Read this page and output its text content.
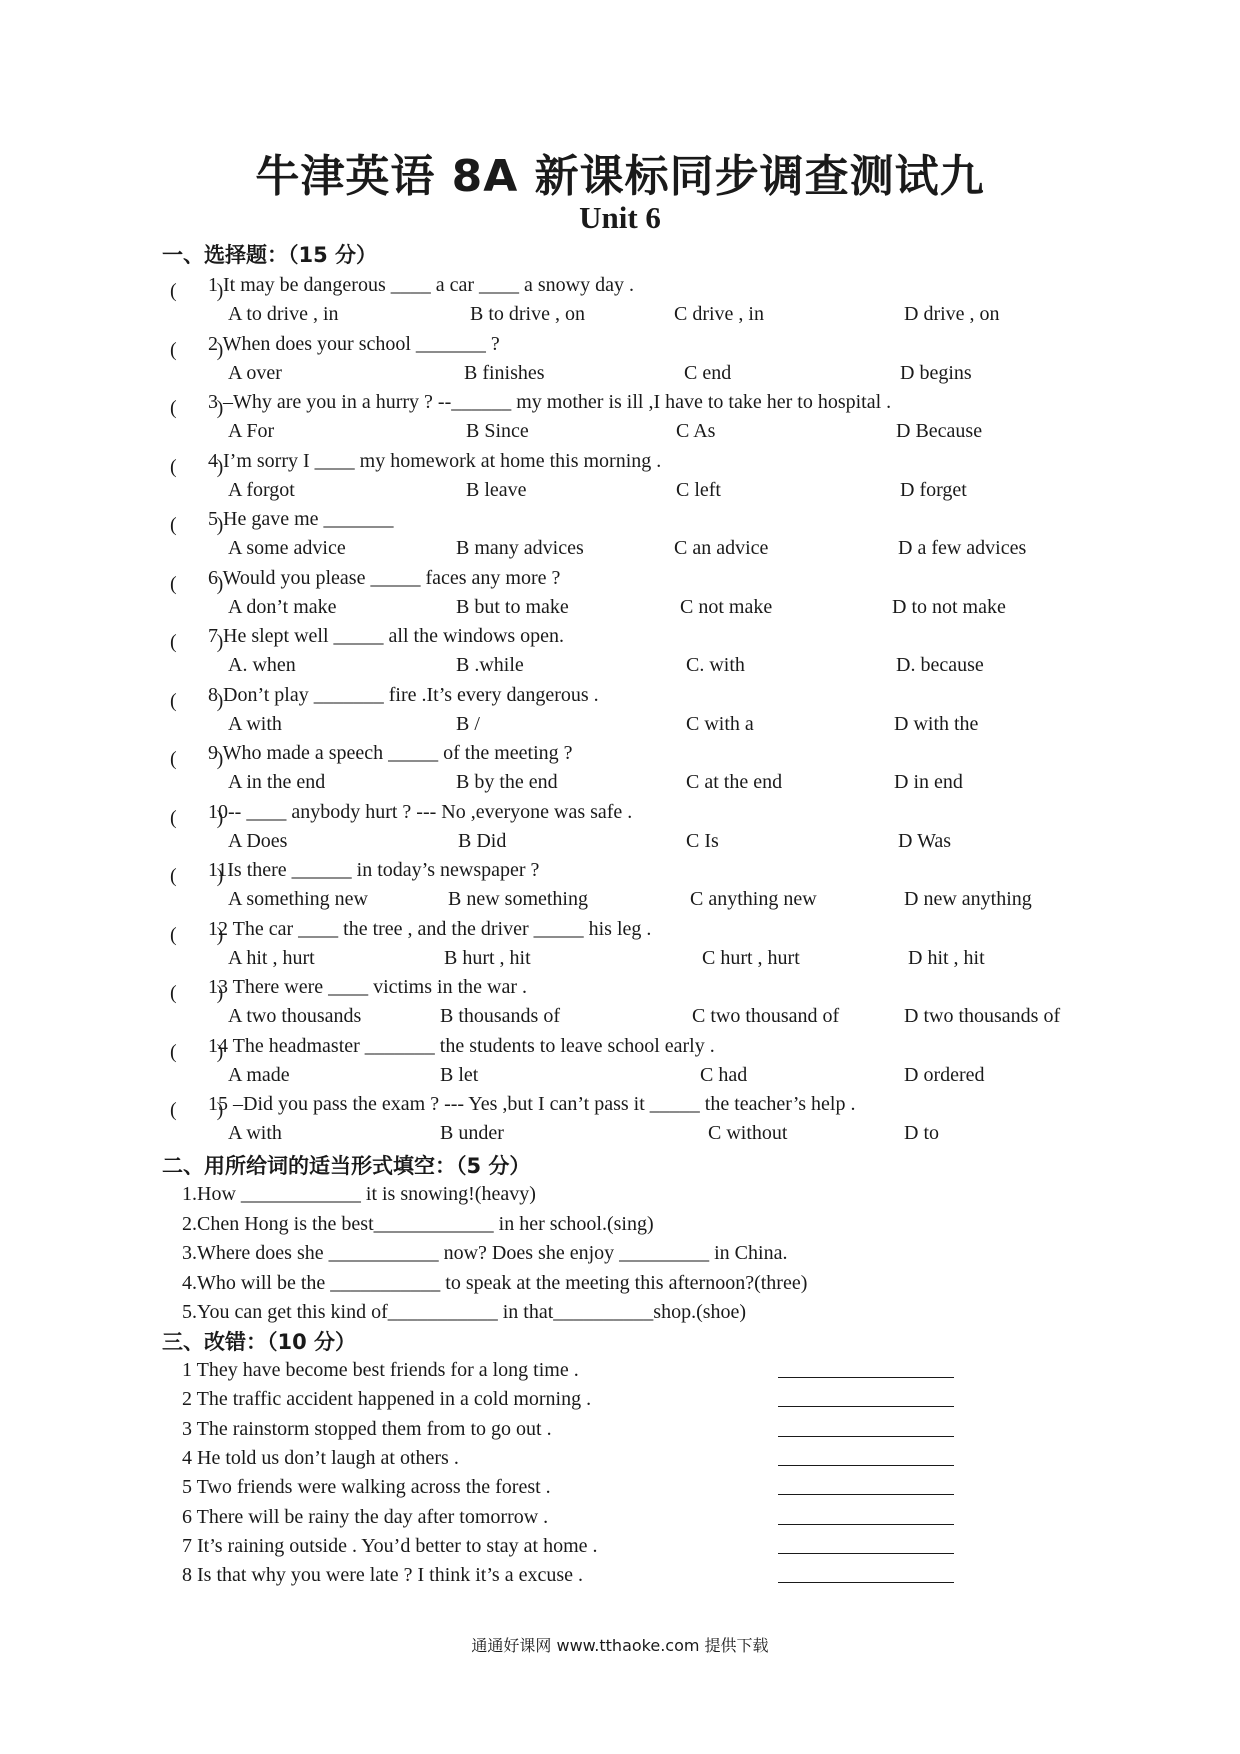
牛津英语 8A 新课标同步调查测试九
Unit 6
一、选择题：（15 分）
(　　)
1 It may be dangerous ____ a car ____ a snowy day .
A to drive , in	B to drive , on	C drive , in	D drive , on
(　　)
2 When does your school _______ ?
A over	B finishes	C end	D begins
(　　)
3 –Why are you in a hurry ? --______ my mother is ill ,I have to take her to hospital .
A For	B Since	C As	D Because
(　　)
4 I’m sorry I ____ my homework at home this morning .
A forgot	B leave	C left	D forget
(　　)
5 He gave me _______
A some advice	B many advices	C an advice	D a few advices
(　　)
6 Would you please _____ faces any more ?
A don’t make	B but to make	C not make	D to not make
(　　)
7 He slept well _____ all the windows open.
A. when	B .while	C. with	D. because
(　　)
8 Don’t play _______ fire .It’s every dangerous .
A with	B /	C with a	D with the
(　　)
9 Who made a speech _____ of the meeting ?
A in the end	B by the end	C at the end	D in end
(　　)
10-- ____ anybody hurt ? --- No ,everyone was safe .
A Does	B Did	C Is	D Was
(　　)
11Is there ______ in today’s newspaper ?
A something new	B new something	C anything new	D new anything
(　　)
12 The car ____ the tree , and the driver _____ his leg .
A hit , hurt	B hurt , hit	C hurt , hurt	D hit , hit
(　　)
13 There were ____ victims in the war .
A two thousands	B thousands of	C two thousand of	D two thousands of
(　　)
14 The headmaster _______ the students to leave school early .
A made	B let	C had	D ordered
(　　)
15 –Did you pass the exam ? --- Yes ,but I can’t pass it _____ the teacher’s help .
A with	B under	C without	D to
二、用所给词的适当形式填空：（5 分）
1.How ____________ it is snowing!(heavy)
2.Chen Hong is the best____________ in her school.(sing)
3.Where does she ___________ now? Does she enjoy _________ in China.
4.Who will be the ___________ to speak at the meeting this afternoon?(three)
5.You can get this kind of___________ in that__________shop.(shoe)
三、改错：（10 分）
1 They have become best friends for a long time .
2 The traffic accident happened in a cold morning .
3 The rainstorm stopped them from to go out .
4 He told us don’t laugh at others .
5 Two friends were walking across the forest .
6 There will be rainy the day after tomorrow .
7 It’s raining outside . You’d better to stay at home .
8 Is that why you were late ? I think it’s a excuse .
通通好课网 www.tthaoke.com 提供下载
